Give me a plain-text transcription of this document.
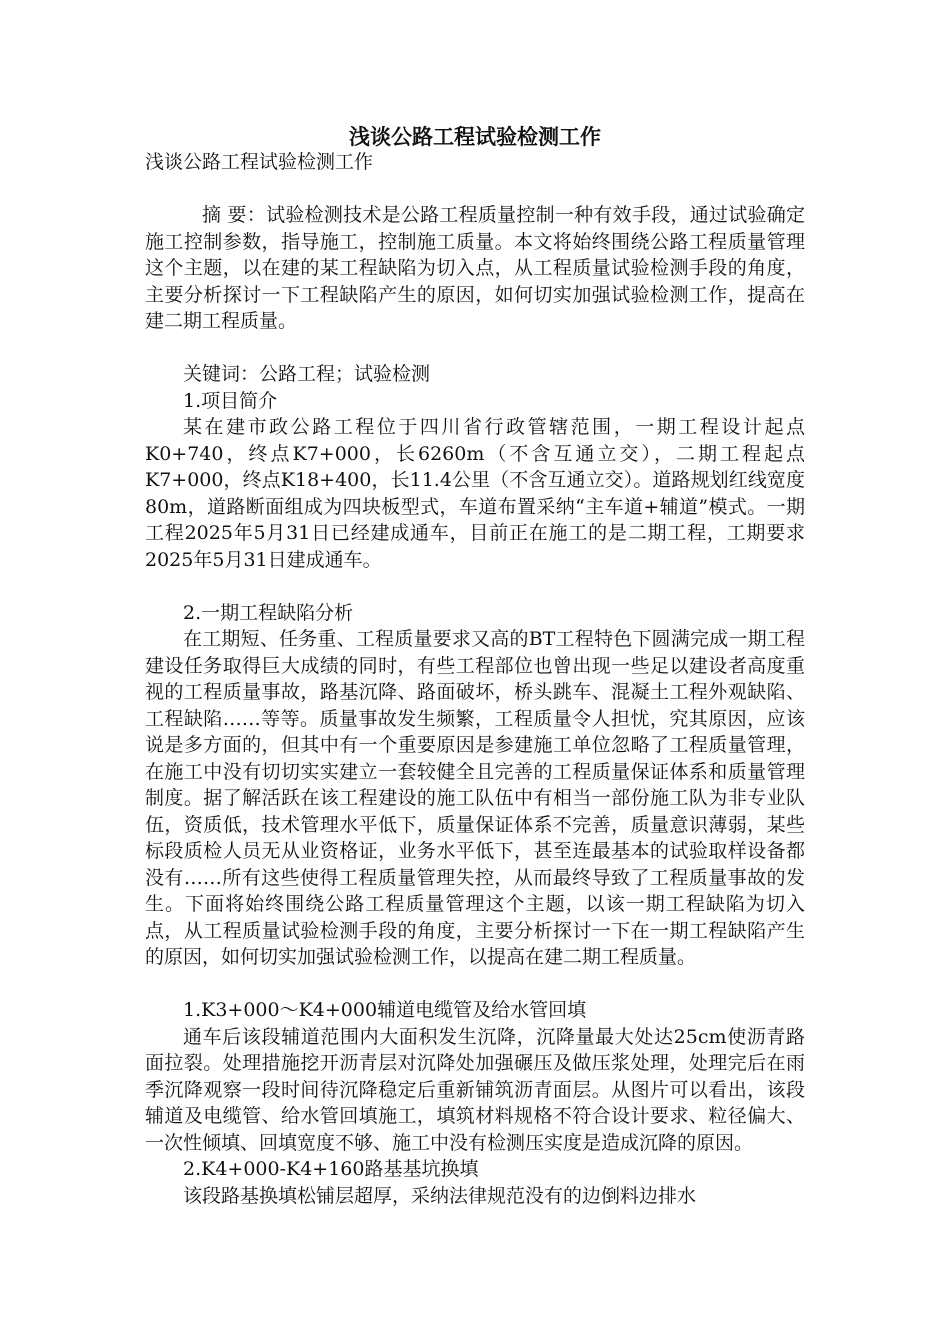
浅谈公路工程试验检测工作

浅谈公路工程试验检测工作

摘 要：试验检测技术是公路工程质量控制一种有效手段，通过试验确定施工控制参数，指导施工，控制施工质量。本文将始终围绕公路工程质量管理这个主题，以在建的某工程缺陷为切入点，从工程质量试验检测手段的角度，主要分析探讨一下工程缺陷产生的原因，如何切实加强试验检测工作，提高在建二期工程质量。

关键词：公路工程；试验检测

1.项目简介

某在建市政公路工程位于四川省行政管辖范围，一期工程设计起点K0+740，终点K7+000，长6260m（不含互通立交），二期工程起点K7+000，终点K18+400，长11.4公里（不含互通立交）。道路规划红线宽度80m，道路断面组成为四块板型式，车道布置采纳“主车道+辅道”模式。一期工程2025年5月31日已经建成通车，目前正在施工的是二期工程，工期要求2025年5月31日建成通车。

2.一期工程缺陷分析

在工期短、任务重、工程质量要求又高的BT工程特色下圆满完成一期工程建设任务取得巨大成绩的同时，有些工程部位也曾出现一些足以建设者高度重视的工程质量事故，路基沉降、路面破坏，桥头跳车、混凝土工程外观缺陷、工程缺陷……等等。质量事故发生频繁，工程质量令人担忧，究其原因，应该说是多方面的，但其中有一个重要原因是参建施工单位忽略了工程质量管理，在施工中没有切切实实建立一套较健全且完善的工程质量保证体系和质量管理制度。据了解活跃在该工程建设的施工队伍中有相当一部份施工队为非专业队伍，资质低，技术管理水平低下，质量保证体系不完善，质量意识薄弱，某些标段质检人员无从业资格证，业务水平低下，甚至连最基本的试验取样设备都没有……所有这些使得工程质量管理失控，从而最终导致了工程质量事故的发生。下面将始终围绕公路工程质量管理这个主题，以该一期工程缺陷为切入点，从工程质量试验检测手段的角度，主要分析探讨一下在一期工程缺陷产生的原因，如何切实加强试验检测工作，以提高在建二期工程质量。

1.K3+000～K4+000辅道电缆管及给水管回填

通车后该段辅道范围内大面积发生沉降，沉降量最大处达25cm使沥青路面拉裂。处理措施挖开沥青层对沉降处加强碾压及做压浆处理，处理完后在雨季沉降观察一段时间待沉降稳定后重新铺筑沥青面层。从图片可以看出，该段辅道及电缆管、给水管回填施工，填筑材料规格不符合设计要求、粒径偏大、一次性倾填、回填宽度不够、施工中没有检测压实度是造成沉降的原因。

2.K4+000-K4+160路基基坑换填

该段路基换填松铺层超厚，采纳法律规范没有的边倒料边排水
